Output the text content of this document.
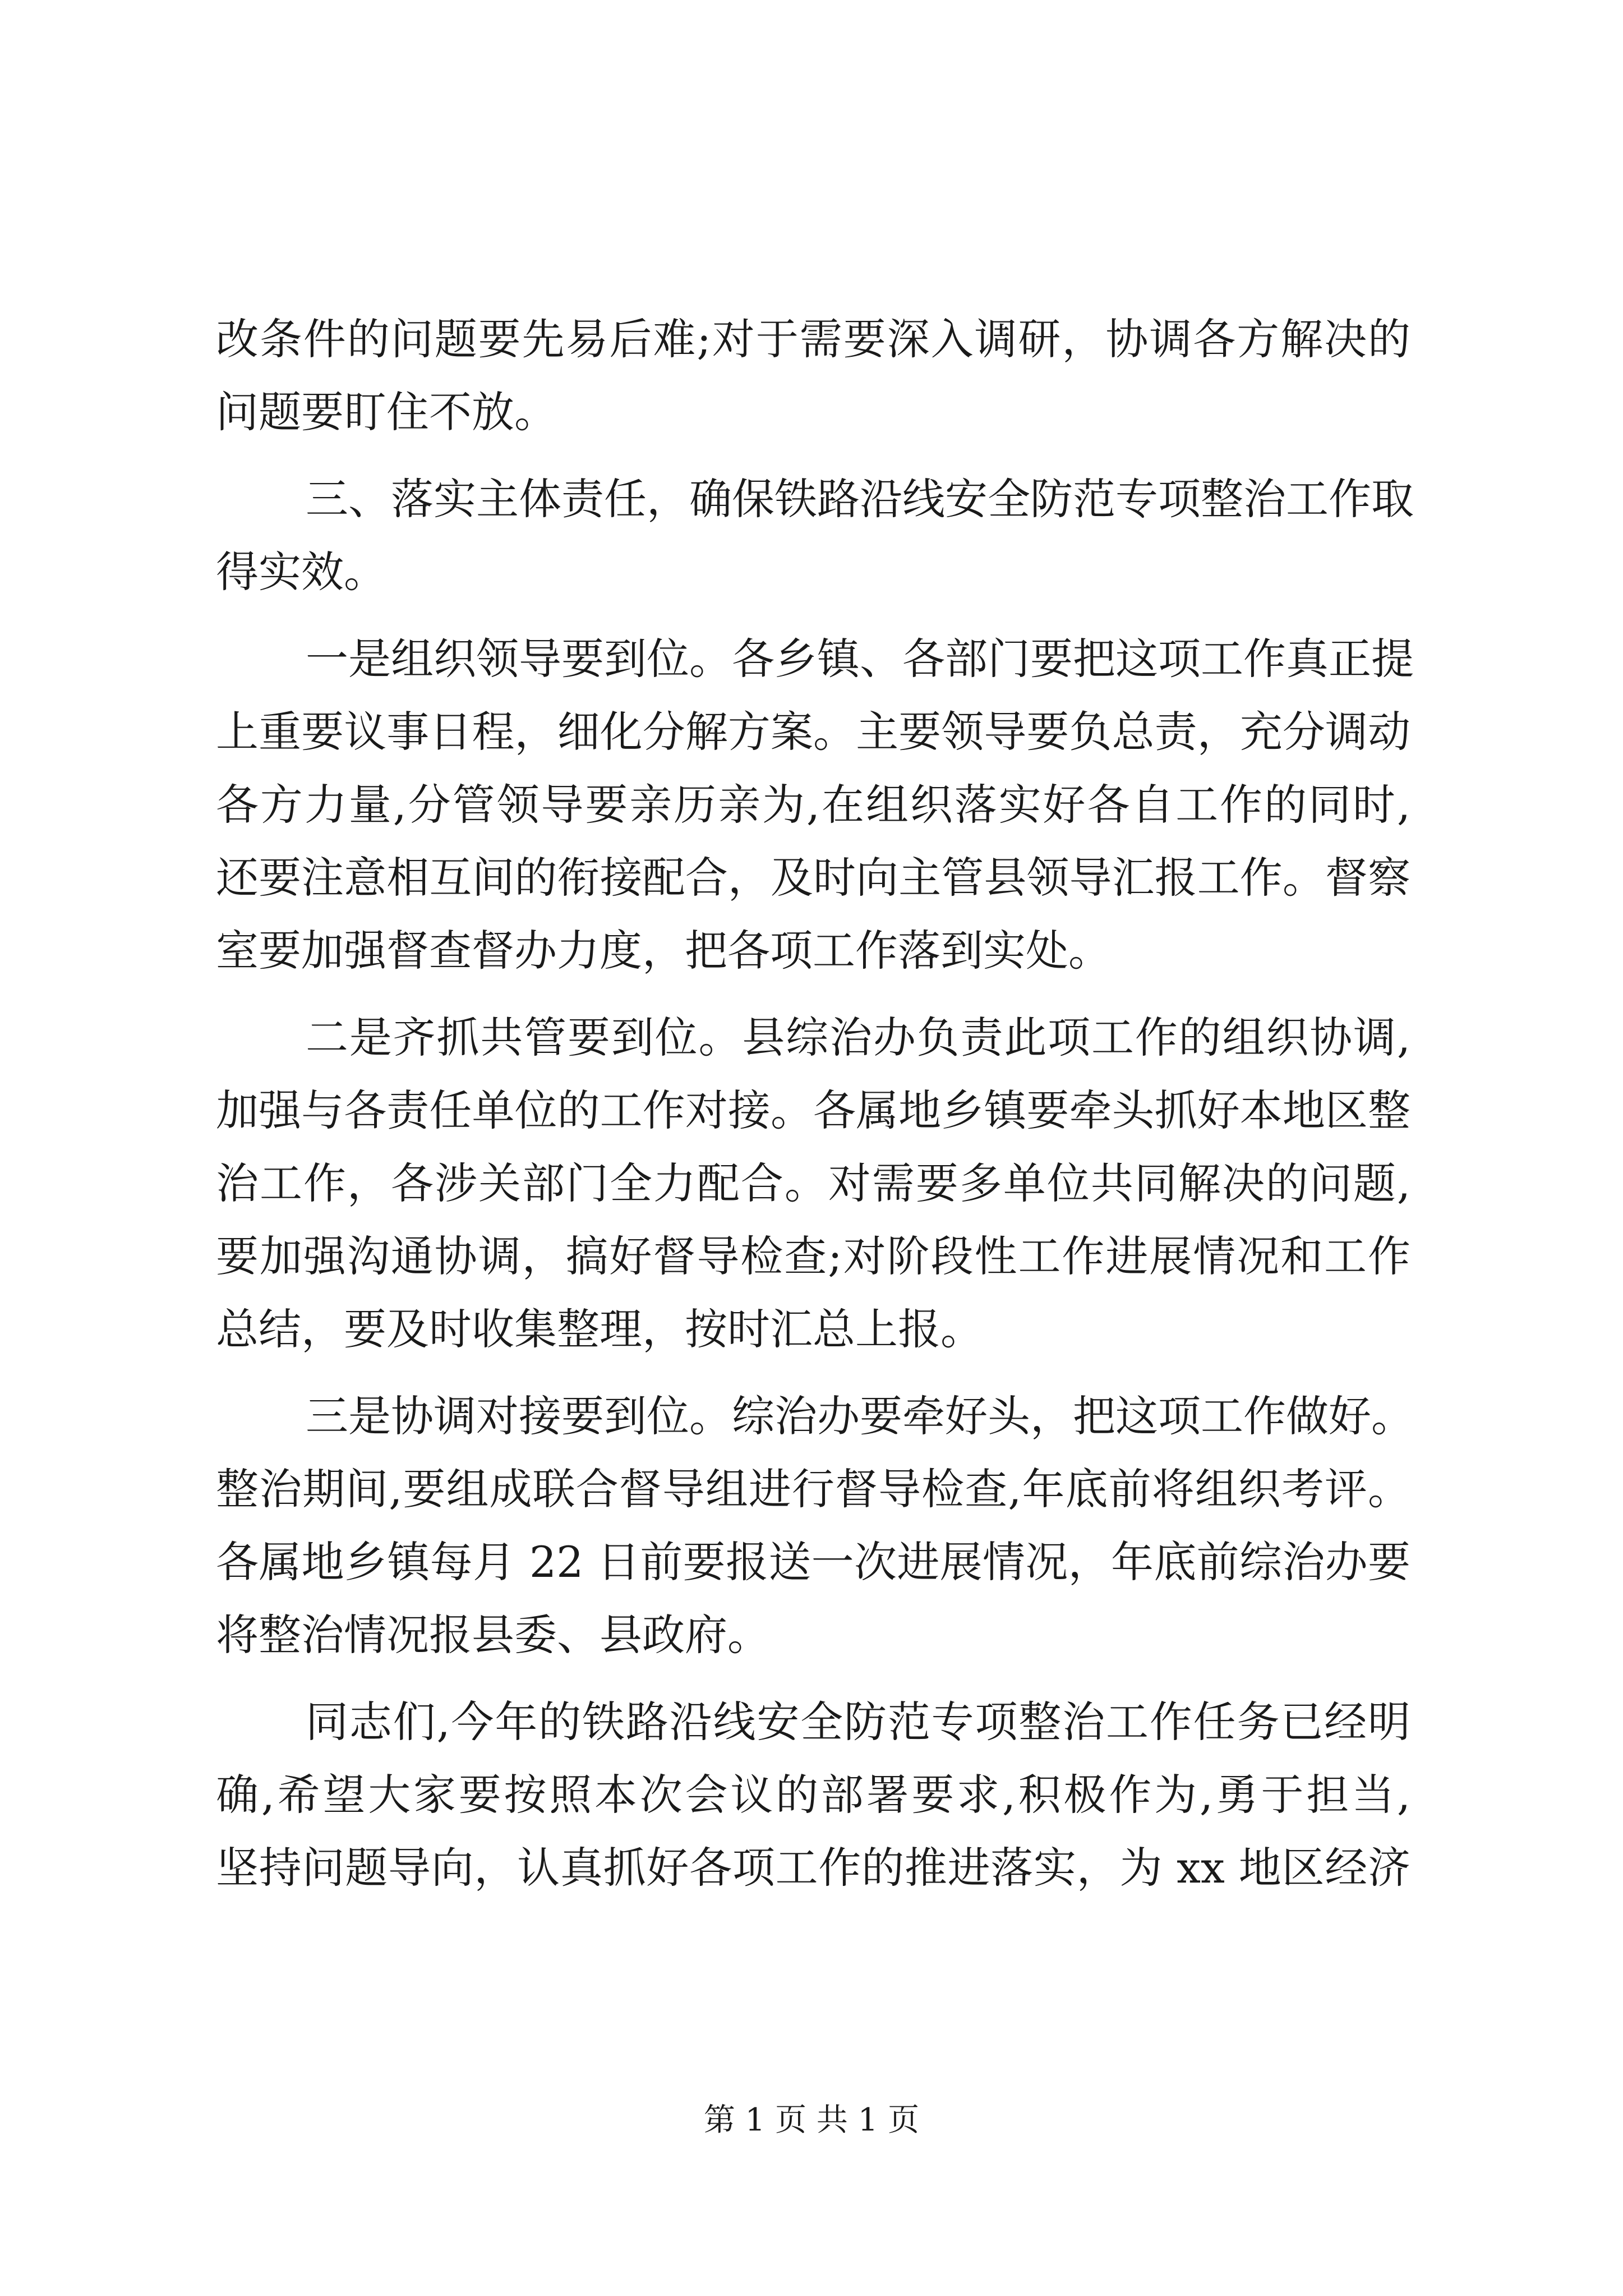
改条件的问题要先易后难;对于需要深入调研，协调各方解决的
问题要盯住不放。
三、落实主体责任，确保铁路沿线安全防范专项整治工作取
得实效。
一是组织领导要到位。各乡镇、各部门要把这项工作真正提
上重要议事日程，细化分解方案。主要领导要负总责，充分调动
各方力量,分管领导要亲历亲为,在组织落实好各自工作的同时,
还要注意相互间的衔接配合，及时向主管县领导汇报工作。督察
室要加强督查督办力度，把各项工作落到实处。
二是齐抓共管要到位。县综治办负责此项工作的组织协调,
加强与各责任单位的工作对接。各属地乡镇要牵头抓好本地区整
治工作，各涉关部门全力配合。对需要多单位共同解决的问题,
要加强沟通协调，搞好督导检查;对阶段性工作进展情况和工作
总结，要及时收集整理，按时汇总上报。
三是协调对接要到位。综治办要牵好头，把这项工作做好。
整治期间,要组成联合督导组进行督导检查,年底前将组织考评。
各属地乡镇每月 22 日前要报送一次进展情况，年底前综治办要
将整治情况报县委、县政府。
同志们,今年的铁路沿线安全防范专项整治工作任务已经明
确,希望大家要按照本次会议的部署要求,积极作为,勇于担当,
坚持问题导向，认真抓好各项工作的推进落实，为 xx 地区经济
第 1 页 共 1 页
